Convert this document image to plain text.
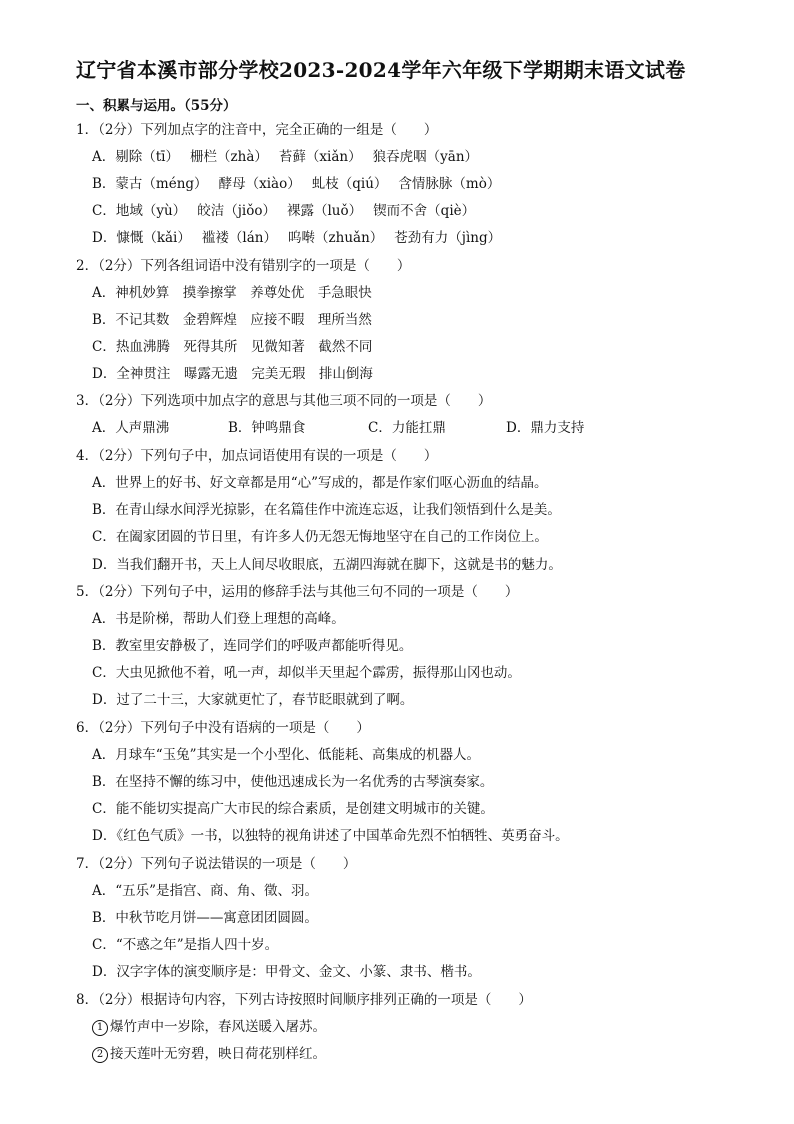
辽宁省本溪市部分学校2023-2024学年六年级下学期期末语文试卷
一、积累与运用。（55分）
1．（2分）下列加点字的注音中，完全正确的一组是（　　）
A．剔除（tī）　 栅栏（zhà）　 苔藓（xiǎn）　 狼吞虎咽（yān）
B．蒙古（méng）　 酵母（xiào）　 虬枝（qiú）　 含情脉脉（mò）
C．地域（yù）　 皎洁（jiǒo）　 裸露（luǒ）　 锲而不舍（qiè）
D．慷慨（kǎi）　 褴褛（lán）　 呜啭（zhuǎn）　 苍劲有力（jìng）
2．（2分）下列各组词语中没有错别字的一项是（　　）
A．神机妙算　摸拳擦掌　养尊处优　手急眼快
B．不记其数　金碧辉煌　应接不暇　理所当然
C．热血沸腾　死得其所　见微知著　截然不同
D．全神贯注　曝露无遗　完美无瑕　排山倒海
3．（2分）下列选项中加点字的意思与其他三项不同的一项是（　　）
A．人声鼎沸	B．钟鸣鼎食	C．力能扛鼎	D．鼎力支持
4．（2分）下列句子中，加点词语使用有误的一项是（　　）
A．世界上的好书、好文章都是用“心”写成的，都是作家们呕心沥血的结晶。
B．在青山绿水间浮光掠影，在名篇佳作中流连忘返，让我们领悟到什么是美。
C．在阖家团圆的节日里，有许多人仍无怨无悔地坚守在自己的工作岗位上。
D．当我们翻开书，天上人间尽收眼底，五湖四海就在脚下，这就是书的魅力。
5．（2分）下列句子中，运用的修辞手法与其他三句不同的一项是（　　）
A．书是阶梯，帮助人们登上理想的高峰。
B．教室里安静极了，连同学们的呼吸声都能听得见。
C．大虫见掀他不着，吼一声，却似半天里起个霹雳，振得那山冈也动。
D．过了二十三，大家就更忙了，春节眨眼就到了啊。
6．（2分）下列句子中没有语病的一项是（　　）
A．月球车“玉兔”其实是一个小型化、低能耗、高集成的机器人。
B．在坚持不懈的练习中，使他迅速成长为一名优秀的古琴演奏家。
C．能不能切实提高广大市民的综合素质，是创建文明城市的关键。
D．《红色气质》一书，以独特的视角讲述了中国革命先烈不怕牺牲、英勇奋斗。
7．（2分）下列句子说法错误的一项是（　　）
A．“五乐”是指宫、商、角、徵、羽。
B．中秋节吃月饼——寓意团团圆圆。
C．“不惑之年”是指人四十岁。
D．汉字字体的演变顺序是：甲骨文、金文、小篆、隶书、楷书。
8．（2分）根据诗句内容，下列古诗按照时间顺序排列正确的一项是（　　）
1 爆竹声中一岁除，春风送暖入屠苏。
2 接天莲叶无穷碧，映日荷花别样红。
